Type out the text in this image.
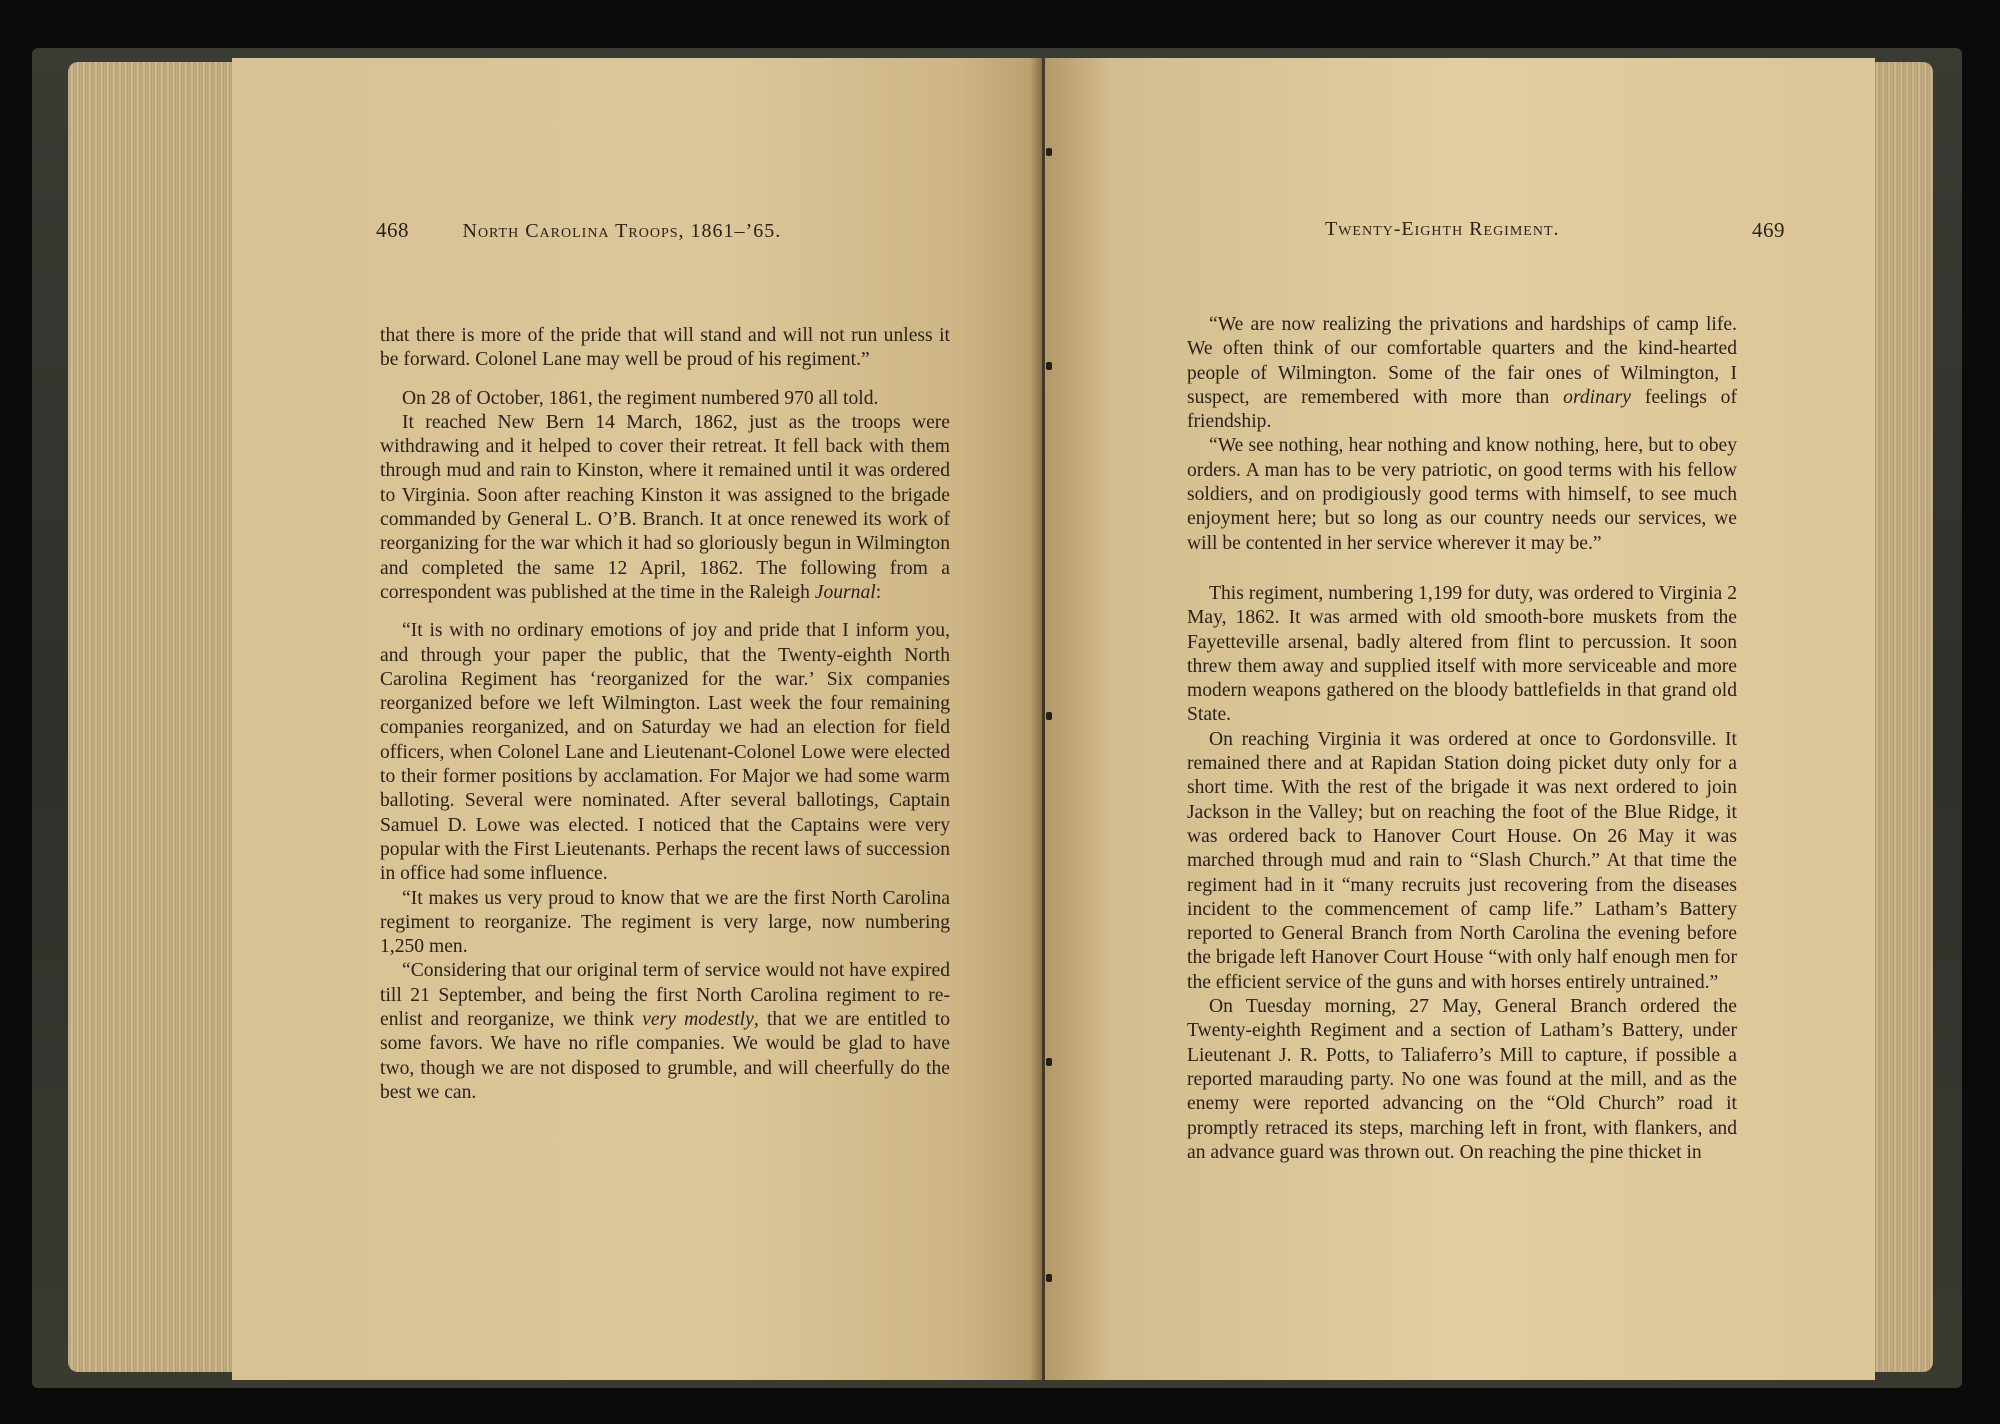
468	North Carolina Troops, 1861–’65.

that there is more of the pride that will stand and will not run unless it be forward. Colonel Lane may well be proud of his regiment.”

On 28 of October, 1861, the regiment numbered 970 all told.

It reached New Bern 14 March, 1862, just as the troops were withdrawing and it helped to cover their retreat. It fell back with them through mud and rain to Kinston, where it remained until it was ordered to Virginia. Soon after reaching Kinston it was assigned to the brigade commanded by General L. O’B. Branch. It at once renewed its work of reorganizing for the war which it had so gloriously begun in Wilmington and completed the same 12 April, 1862. The following from a correspondent was published at the time in the Raleigh Journal:

“It is with no ordinary emotions of joy and pride that I inform you, and through your paper the public, that the Twenty-eighth North Carolina Regiment has ‘reorganized for the war.’ Six companies reorganized before we left Wilmington. Last week the four remaining companies reorganized, and on Saturday we had an election for field officers, when Colonel Lane and Lieutenant-Colonel Lowe were elected to their former positions by acclamation. For Major we had some warm balloting. Several were nominated. After several ballotings, Captain Samuel D. Lowe was elected. I noticed that the Captains were very popular with the First Lieutenants. Perhaps the recent laws of succession in office had some influence.

“It makes us very proud to know that we are the first North Carolina regiment to reorganize. The regiment is very large, now numbering 1,250 men.

“Considering that our original term of service would not have expired till 21 September, and being the first North Carolina regiment to re-enlist and reorganize, we think very modestly, that we are entitled to some favors. We have no rifle companies. We would be glad to have two, though we are not disposed to grumble, and will cheerfully do the best we can.

Twenty-Eighth Regiment.	469

“We are now realizing the privations and hardships of camp life. We often think of our comfortable quarters and the kind-hearted people of Wilmington. Some of the fair ones of Wilmington, I suspect, are remembered with more than ordinary feelings of friendship.

“We see nothing, hear nothing and know nothing, here, but to obey orders. A man has to be very patriotic, on good terms with his fellow soldiers, and on prodigiously good terms with himself, to see much enjoyment here; but so long as our country needs our services, we will be contented in her service wherever it may be.”

This regiment, numbering 1,199 for duty, was ordered to Virginia 2 May, 1862. It was armed with old smooth-bore muskets from the Fayetteville arsenal, badly altered from flint to percussion. It soon threw them away and supplied itself with more serviceable and more modern weapons gathered on the bloody battlefields in that grand old State.

On reaching Virginia it was ordered at once to Gordonsville. It remained there and at Rapidan Station doing picket duty only for a short time. With the rest of the brigade it was next ordered to join Jackson in the Valley; but on reaching the foot of the Blue Ridge, it was ordered back to Hanover Court House. On 26 May it was marched through mud and rain to “Slash Church.” At that time the regiment had in it “many recruits just recovering from the diseases incident to the commencement of camp life.” Latham’s Battery reported to General Branch from North Carolina the evening before the brigade left Hanover Court House “with only half enough men for the efficient service of the guns and with horses entirely untrained.”

On Tuesday morning, 27 May, General Branch ordered the Twenty-eighth Regiment and a section of Latham’s Battery, under Lieutenant J. R. Potts, to Taliaferro’s Mill to capture, if possible a reported marauding party. No one was found at the mill, and as the enemy were reported advancing on the “Old Church” road it promptly retraced its steps, marching left in front, with flankers, and an advance guard was thrown out. On reaching the pine thicket in
